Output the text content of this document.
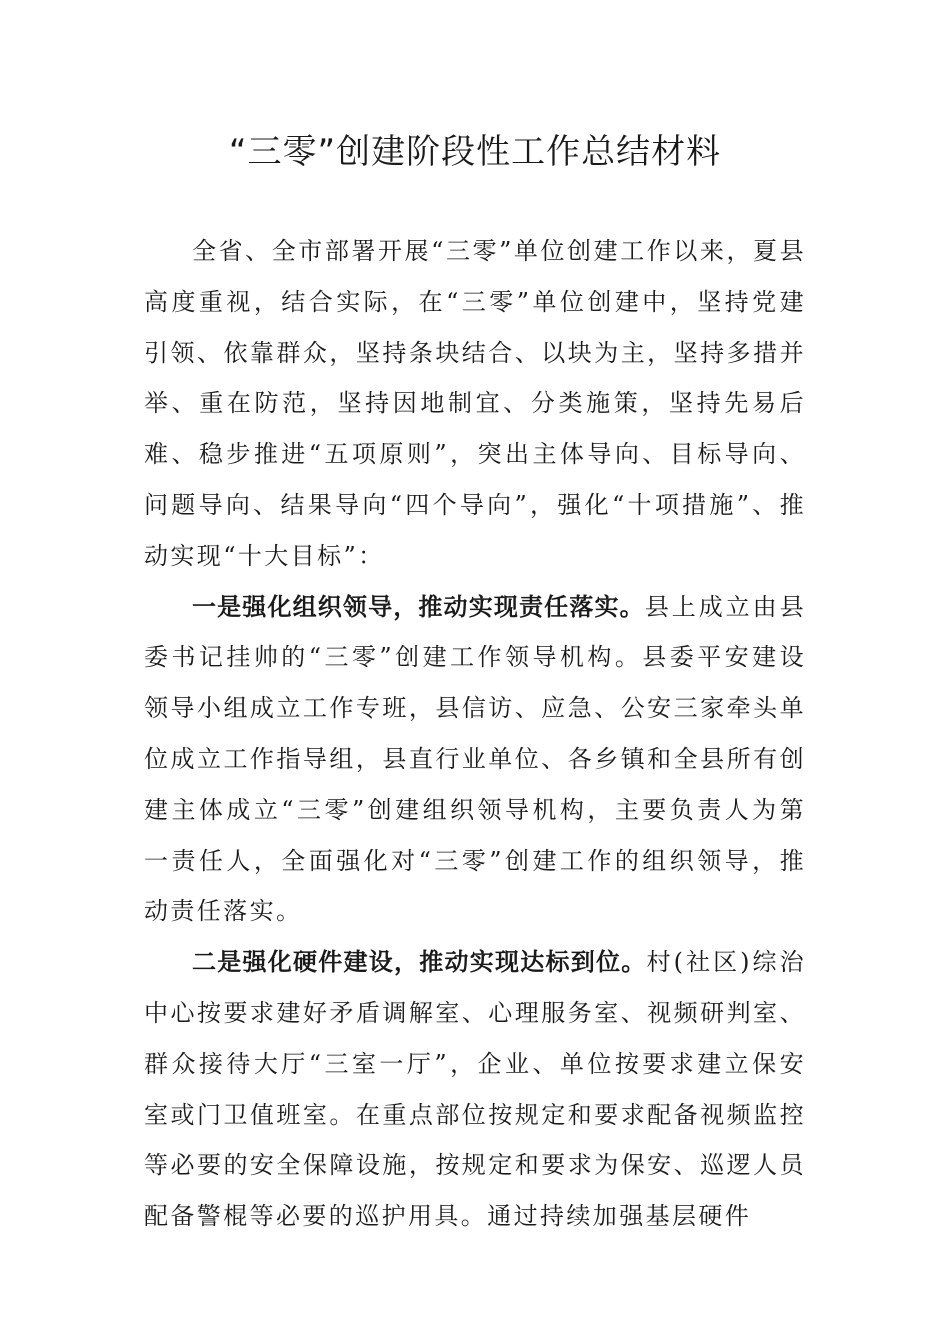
“三零”创建阶段性工作总结材料

全省、全市部署开展“三零”单位创建工作以来，夏县高度重视，结合实际，在“三零”单位创建中，坚持党建引领、依靠群众，坚持条块结合、以块为主，坚持多措并举、重在防范，坚持因地制宜、分类施策，坚持先易后难、稳步推进“五项原则”，突出主体导向、目标导向、问题导向、结果导向“四个导向”，强化“十项措施”、推动实现“十大目标”：

一是强化组织领导，推动实现责任落实。县上成立由县委书记挂帅的“三零”创建工作领导机构。县委平安建设领导小组成立工作专班，县信访、应急、公安三家牵头单位成立工作指导组，县直行业单位、各乡镇和全县所有创建主体成立“三零”创建组织领导机构，主要负责人为第一责任人，全面强化对“三零”创建工作的组织领导，推动责任落实。

二是强化硬件建设，推动实现达标到位。村(社区)综治中心按要求建好矛盾调解室、心理服务室、视频研判室、群众接待大厅“三室一厅”，企业、单位按要求建立保安室或门卫值班室。在重点部位按规定和要求配备视频监控等必要的安全保障设施，按规定和要求为保安、巡逻人员配备警棍等必要的巡护用具。通过持续加强基层硬件
